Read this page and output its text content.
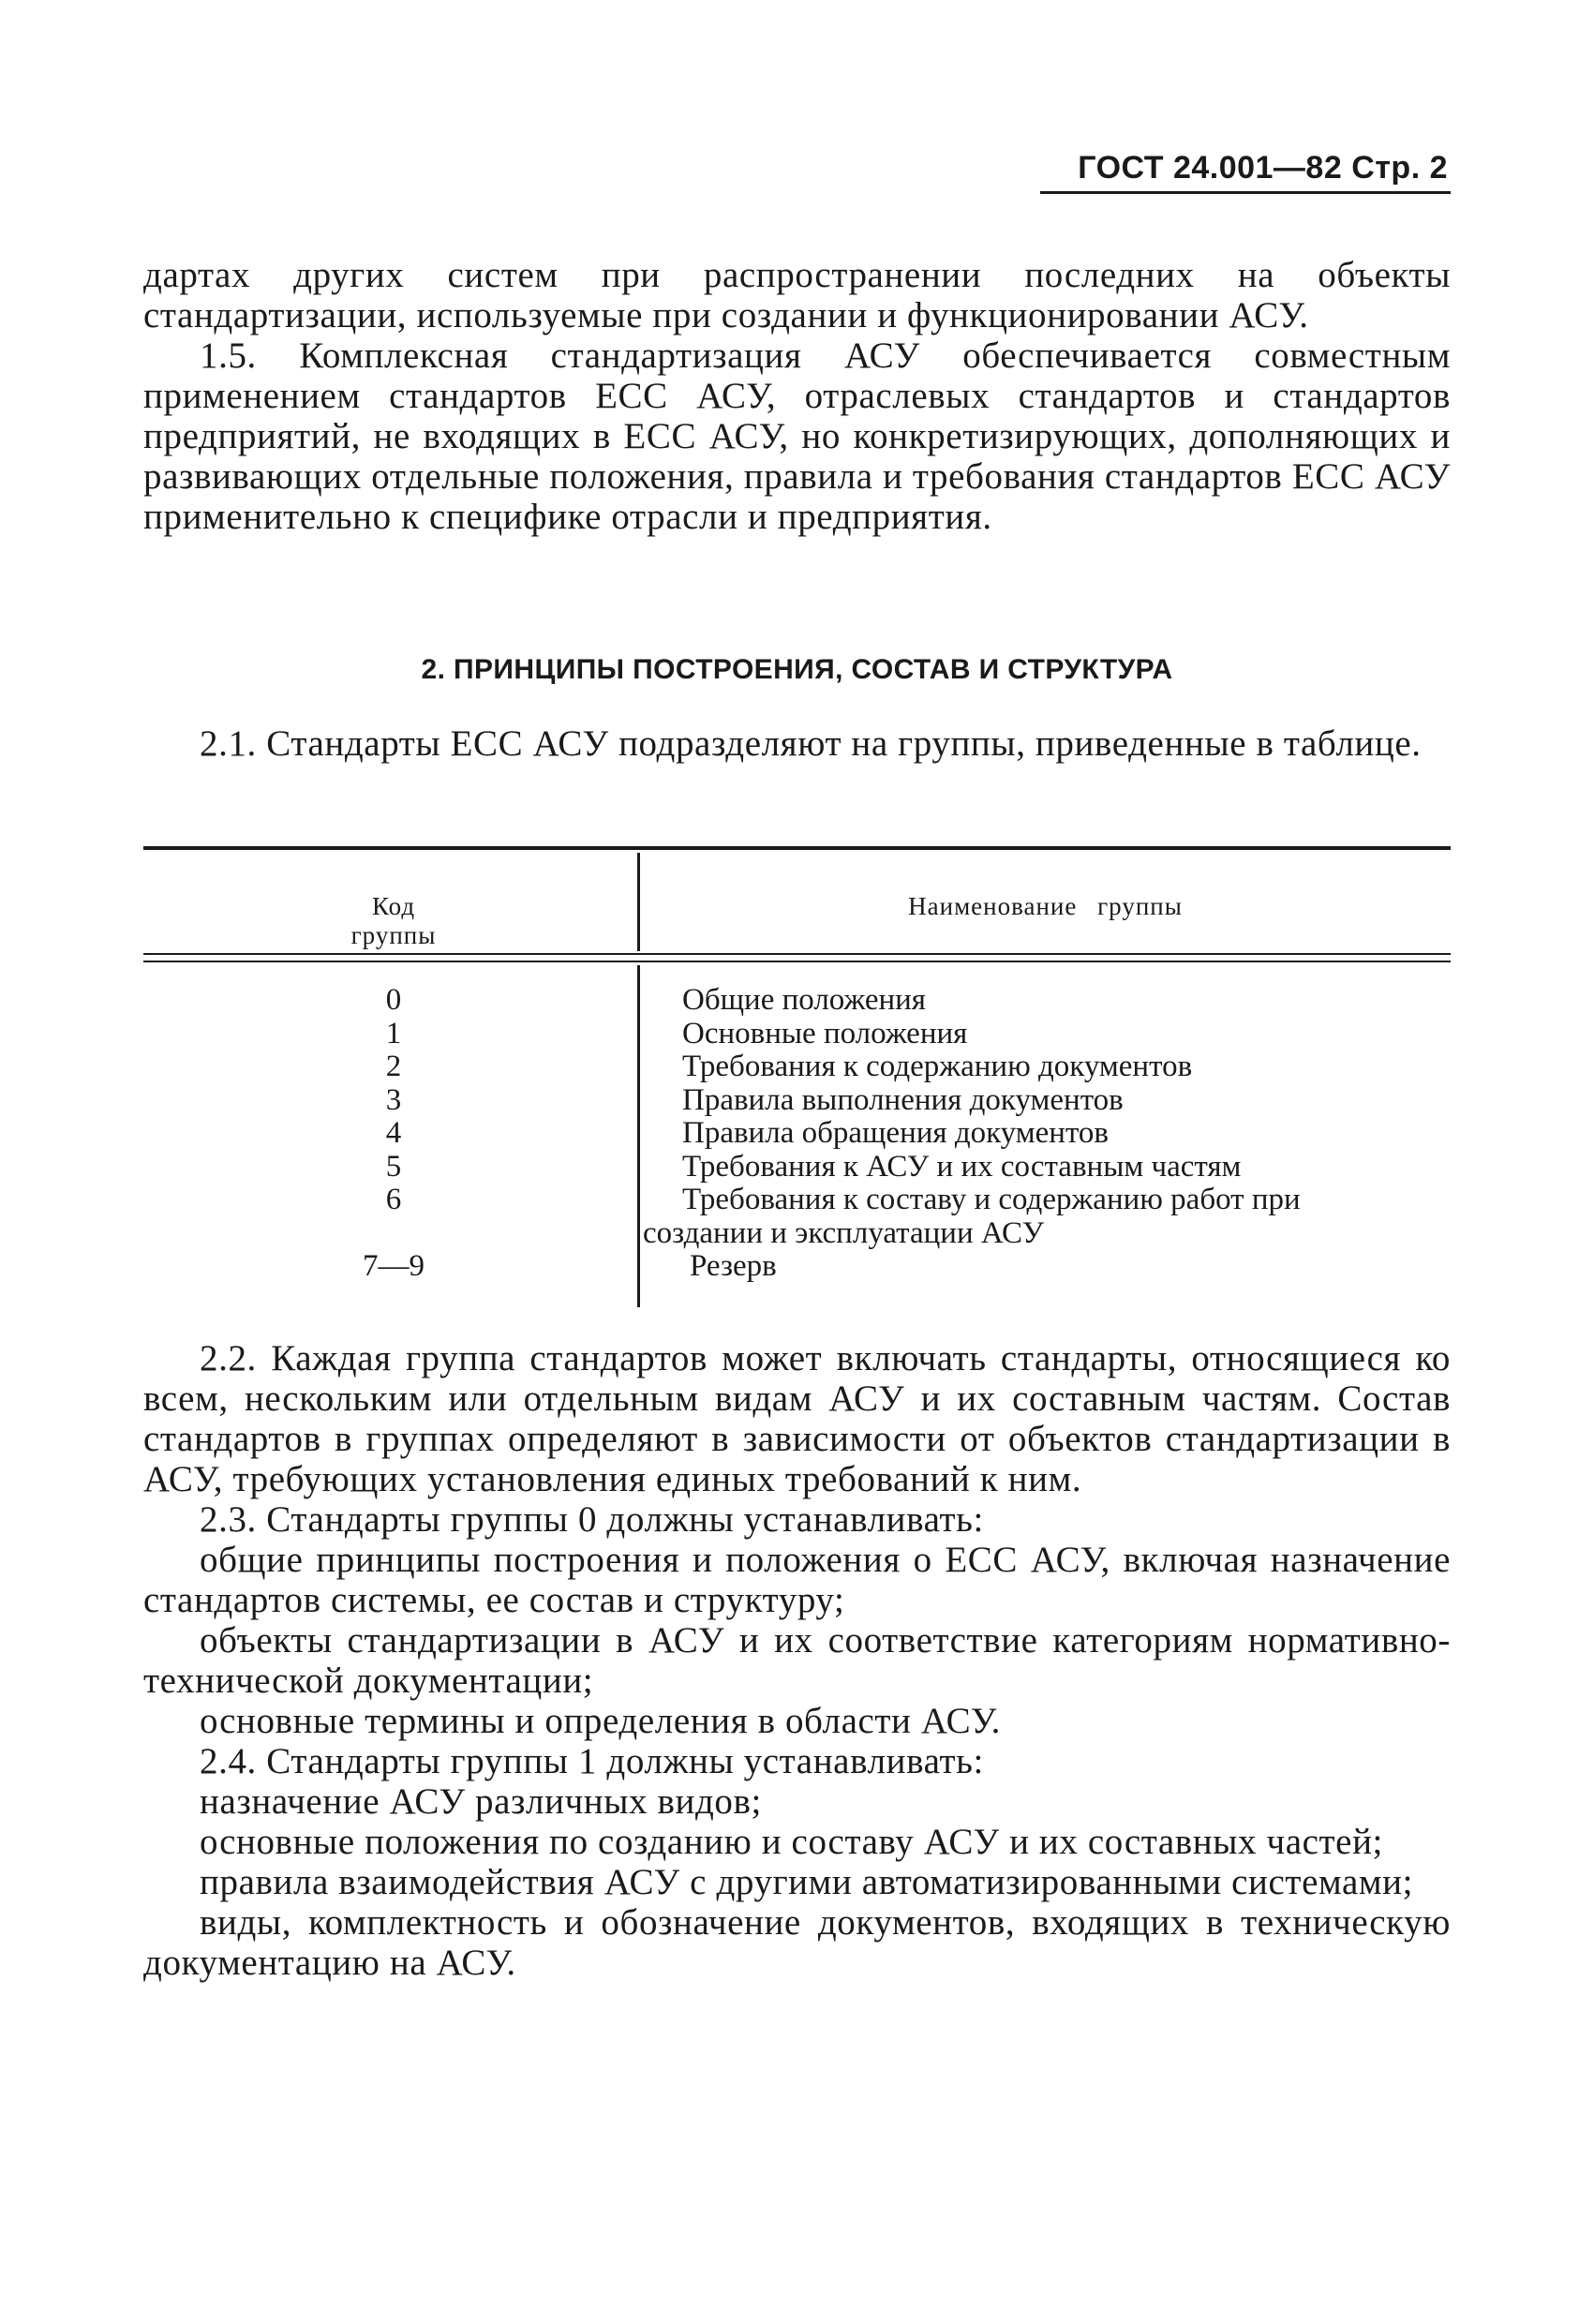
ГОСТ 24.001—82 Стр. 2
дартах других систем при распространении последних на объекты стандартизации, используемые при создании и функционировании АСУ.
1.5. Комплексная стандартизация АСУ обеспечивается совместным применением стандартов ЕСС АСУ, отраслевых стандартов и стандартов предприятий, не входящих в ЕСС АСУ, но конкретизирующих, дополняющих и развивающих отдельные положения, правила и требования стандартов ЕСС АСУ применительно к специфике отрасли и предприятия.
2. ПРИНЦИПЫ ПОСТРОЕНИЯ, СОСТАВ И СТРУКТУРА
2.1. Стандарты ЕСС АСУ подразделяют на группы, приведенные в таблице.
Код группы
Наименование группы
0
1
2
3
4
5
6
7—9
Общие положения
Основные положения
Требования к содержанию документов
Правила выполнения документов
Правила обращения документов
Требования к АСУ и их составным частям
Требования к составу и содержанию работ при
создании и эксплуатации АСУ
Резерв
2.2. Каждая группа стандартов может включать стандарты, относящиеся ко всем, нескольким или отдельным видам АСУ и их составным частям. Состав стандартов в группах определяют в зависимости от объектов стандартизации в АСУ, требующих установления единых требований к ним.
2.3. Стандарты группы 0 должны устанавливать:
общие принципы построения и положения о ЕСС АСУ, включая назначение стандартов системы, ее состав и структуру;
объекты стандартизации в АСУ и их соответствие категориям нормативно-технической документации;
основные термины и определения в области АСУ.
2.4. Стандарты группы 1 должны устанавливать:
назначение АСУ различных видов;
основные положения по созданию и составу АСУ и их составных частей;
правила взаимодействия АСУ с другими автоматизированными системами;
виды, комплектность и обозначение документов, входящих в техническую документацию на АСУ.
